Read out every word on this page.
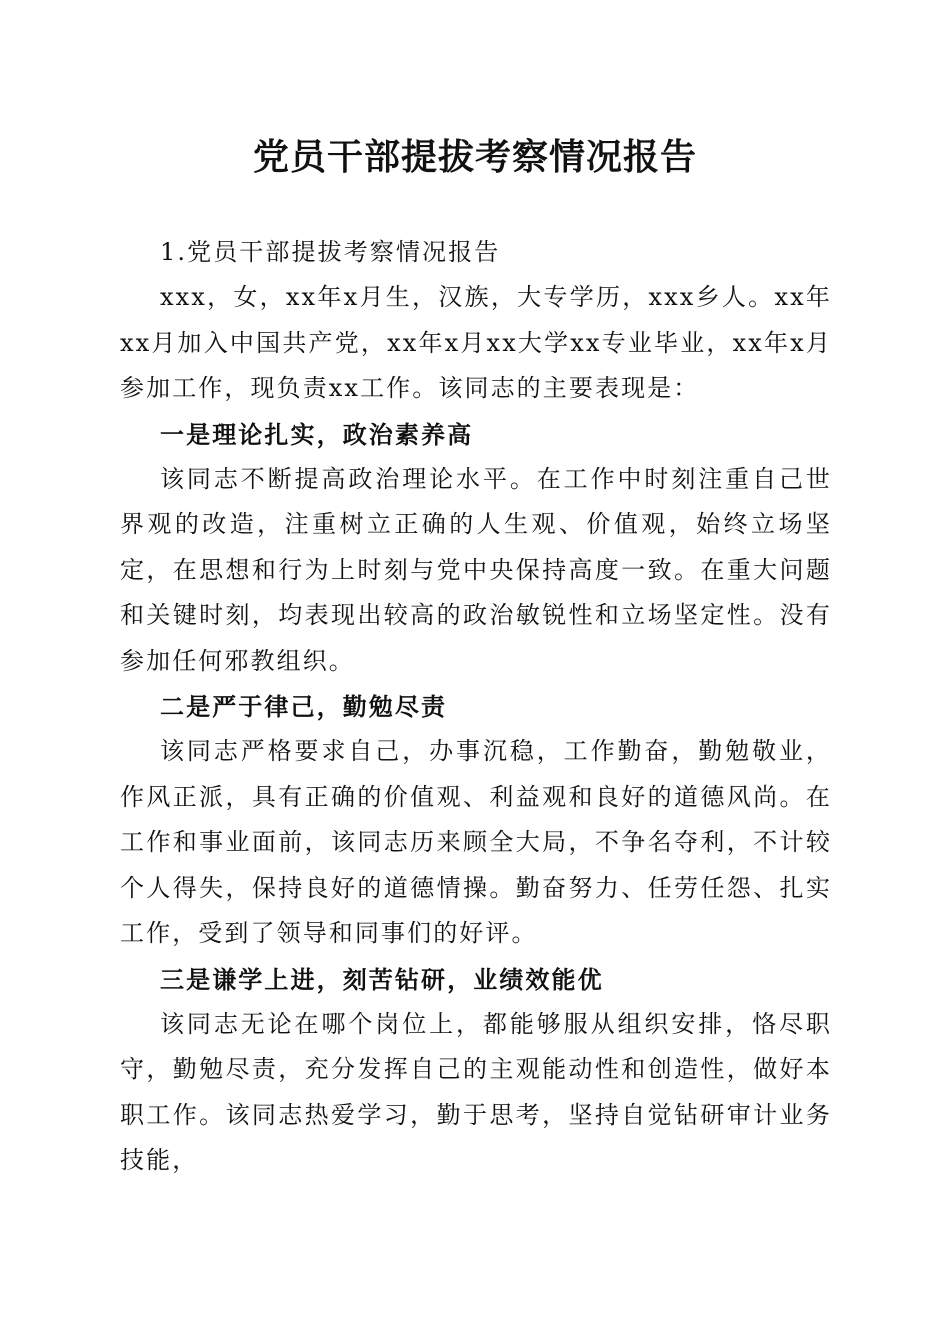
党员干部提拔考察情况报告

1.党员干部提拔考察情况报告

xxx，女，xx年x月生，汉族，大专学历，xxx乡人。xx年xx月加入中国共产党，xx年x月xx大学xx专业毕业，xx年x月参加工作，现负责xx工作。该同志的主要表现是：

一是理论扎实，政治素养高

该同志不断提高政治理论水平。在工作中时刻注重自己世界观的改造，注重树立正确的人生观、价值观，始终立场坚定，在思想和行为上时刻与党中央保持高度一致。在重大问题和关键时刻，均表现出较高的政治敏锐性和立场坚定性。没有参加任何邪教组织。

二是严于律己，勤勉尽责

该同志严格要求自己，办事沉稳，工作勤奋，勤勉敬业，作风正派，具有正确的价值观、利益观和良好的道德风尚。在工作和事业面前，该同志历来顾全大局，不争名夺利，不计较个人得失，保持良好的道德情操。勤奋努力、任劳任怨、扎实工作，受到了领导和同事们的好评。

三是谦学上进，刻苦钻研，业绩效能优

该同志无论在哪个岗位上，都能够服从组织安排，恪尽职守，勤勉尽责，充分发挥自己的主观能动性和创造性，做好本职工作。该同志热爱学习，勤于思考，坚持自觉钻研审计业务技能，
